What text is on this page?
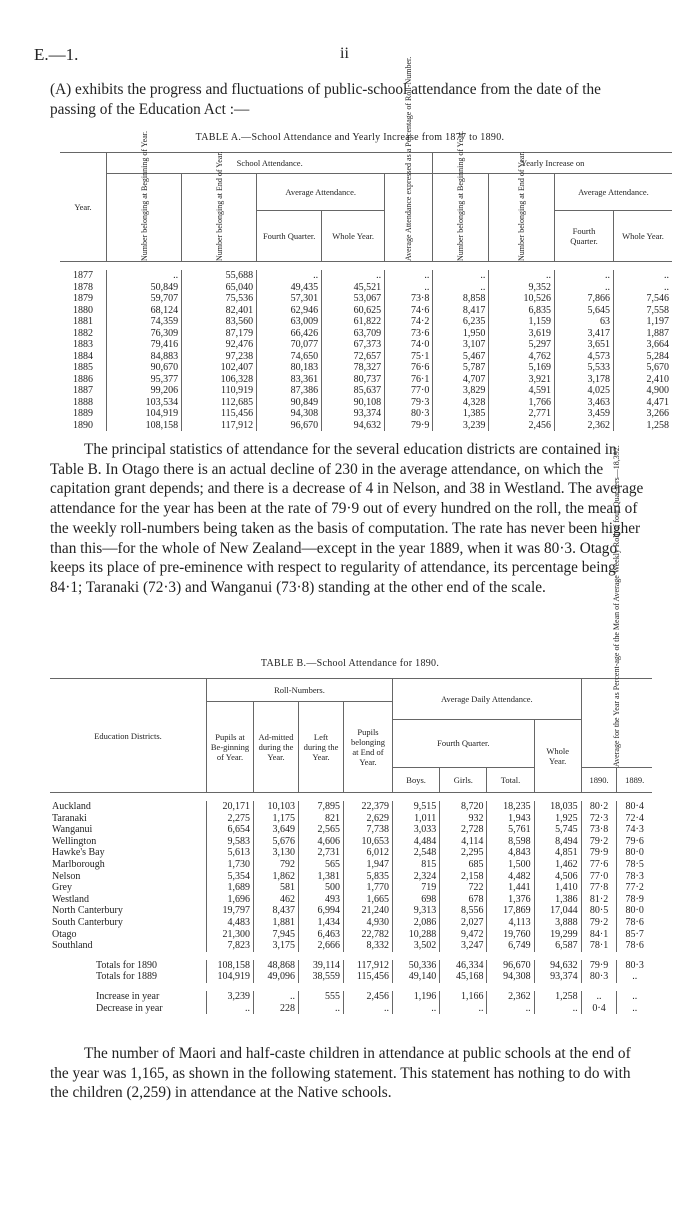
E.—1.	ii

(A) exhibits the progress and fluctuations of public-school attendance from the date of the passing of the Education Act :—

TABLE A.—School Attendance and Yearly Increase from 1877 to 1890.
Year.	School Attendance.					Yearly Increase on			

	Number belonging at Beginning of Year.	Number belonging at End of Year.	Average Attendance.		Average Attendance expressed as a Percentage of Roll-Number.	Number belonging at Beginning of Year.	Number belonging at End of Year.	Average Attendance.	
			Fourth Quarter.	Whole Year.				Fourth Quarter.	Whole Year.

1877	..	55,688	..	..	..	..	..	..	..
1878	50,849	65,040	49,435	45,521	..	..	9,352	..	..
1879	59,707	75,536	57,301	53,067	73·8	8,858	10,526	7,866	7,546
1880	68,124	82,401	62,946	60,625	74·6	8,417	6,835	5,645	7,558
1881	74,359	83,560	63,009	61,822	74·2	6,235	1,159	63	1,197
1882	76,309	87,179	66,426	63,709	73·6	1,950	3,619	3,417	1,887
1883	79,416	92,476	70,077	67,373	74·0	3,107	5,297	3,651	3,664
1884	84,883	97,238	74,650	72,657	75·1	5,467	4,762	4,573	5,284
1885	90,670	102,407	80,183	78,327	76·6	5,787	5,169	5,533	5,670
1886	95,377	106,328	83,361	80,737	76·1	4,707	3,921	3,178	2,410
1887	99,206	110,919	87,386	85,637	77·0	3,829	4,591	4,025	4,900
1888	103,534	112,685	90,849	90,108	79·3	4,328	1,766	3,463	4,471
1889	104,919	115,456	94,308	93,374	80·3	1,385	2,771	3,459	3,266
1890	108,158	117,912	96,670	94,632	79·9	3,239	2,456	2,362	1,258

The principal statistics of attendance for the several education districts are contained in Table B. In Otago there is an actual decline of 230 in the average attendance, on which the capitation grant depends; and there is a decrease of 4 in Nelson, and 38 in Westland. The average attendance for the year has been at the rate of 79·9 out of every hundred on the roll, the mean of the weekly roll-numbers being taken as the basis of computation. The rate has never been higher than this—for the whole of New Zealand—except in the year 1889, when it was 80·3. Otago keeps its place of pre-eminence with respect to regularity of attendance, its percentage being 84·1; Taranaki (72·3) and Wanganui (73·8) standing at the other end of the scale.

TABLE B.—School Attendance for 1890.
Education Districts.	Roll-Numbers.				Average Daily Attendance.				Average for the Year as Percent-age of the Mean of Average Weekly Roll of four Quar-ters—18,392.	

	Pupils at Be-ginning of Year.	Ad-mitted during the Year.	Left during the Year.	Pupils belonging at End of Year.						
					Fourth Quarter.			Whole Year.		
					Boys.	Girls.	Total.		1890.	1889.

Auckland	20,171	10,103	7,895	22,379	9,515	8,720	18,235	18,035	80·2	80·4
Taranaki	2,275	1,175	821	2,629	1,011	932	1,943	1,925	72·3	72·4
Wanganui	6,654	3,649	2,565	7,738	3,033	2,728	5,761	5,745	73·8	74·3
Wellington	9,583	5,676	4,606	10,653	4,484	4,114	8,598	8,494	79·2	79·6
Hawke's Bay	5,613	3,130	2,731	6,012	2,548	2,295	4,843	4,851	79·9	80·0
Marlborough	1,730	792	565	1,947	815	685	1,500	1,462	77·6	78·5
Nelson	5,354	1,862	1,381	5,835	2,324	2,158	4,482	4,506	77·0	78·3
Grey	1,689	581	500	1,770	719	722	1,441	1,410	77·8	77·2
Westland	1,696	462	493	1,665	698	678	1,376	1,386	81·2	78·9
North Canterbury	19,797	8,437	6,994	21,240	9,313	8,556	17,869	17,044	80·5	80·0
South Canterbury	4,483	1,881	1,434	4,930	2,086	2,027	4,113	3,888	79·2	78·6
Otago	21,300	7,945	6,463	22,782	10,288	9,472	19,760	19,299	84·1	85·7
Southland	7,823	3,175	2,666	8,332	3,502	3,247	6,749	6,587	78·1	78·6

Totals for 1890	108,158	48,868	39,114	117,912	50,336	46,334	96,670	94,632	79·9	80·3
Totals for 1889	104,919	49,096	38,559	115,456	49,140	45,168	94,308	93,374	80·3	..

Increase in year	3,239	..	555	2,456	1,196	1,166	2,362	1,258	..	..
Decrease in year	..	228	..	..	..	..	..	..	0·4	..

The number of Maori and half-caste children in attendance at public schools at the end of the year was 1,165, as shown in the following statement. This statement has nothing to do with the children (2,259) in attendance at the Native schools.
